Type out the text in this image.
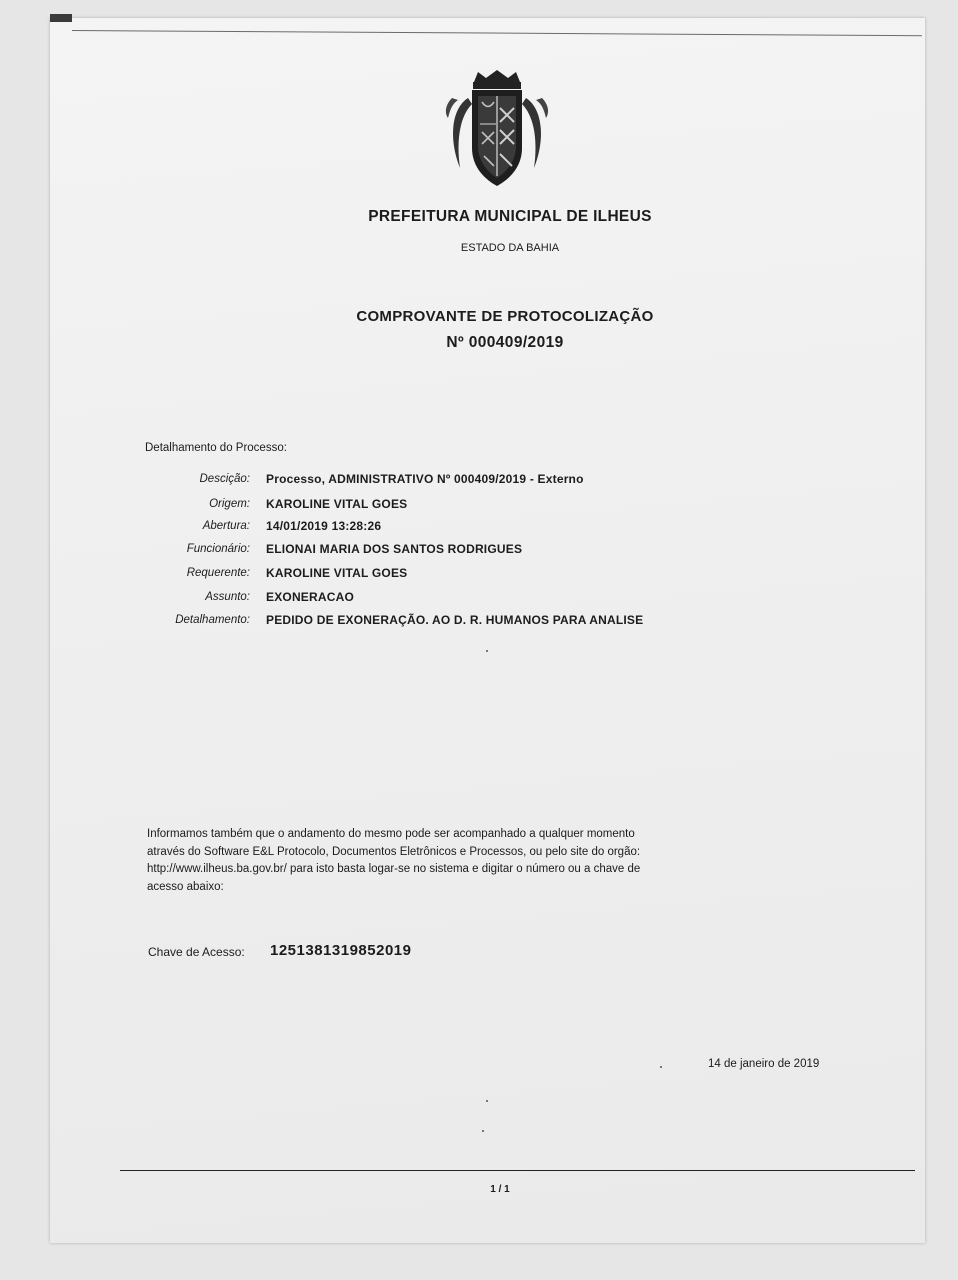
PREFEITURA MUNICIPAL DE ILHEUS
ESTADO DA BAHIA
COMPROVANTE DE PROTOCOLIZAÇÃO
Nº 000409/2019
Detalhamento do Processo:
Descição: Processo, ADMINISTRATIVO Nº 000409/2019 - Externo
Origem: KAROLINE VITAL GOES
Abertura: 14/01/2019 13:28:26
Funcionário: ELIONAI MARIA DOS SANTOS RODRIGUES
Requerente: KAROLINE VITAL GOES
Assunto: EXONERACAO
Detalhamento: PEDIDO DE EXONERAÇÃO. AO D. R. HUMANOS PARA ANALISE
Informamos também que o andamento do mesmo pode ser acompanhado a qualquer momento
através do Software E&L Protocolo, Documentos Eletrônicos e Processos, ou pelo site do orgão:
http://www.ilheus.ba.gov.br/ para isto basta logar-se no sistema e digitar o número ou a chave de
acesso abaixo:
Chave de Acesso: 1251381319852019
14 de janeiro de 2019
1 / 1
